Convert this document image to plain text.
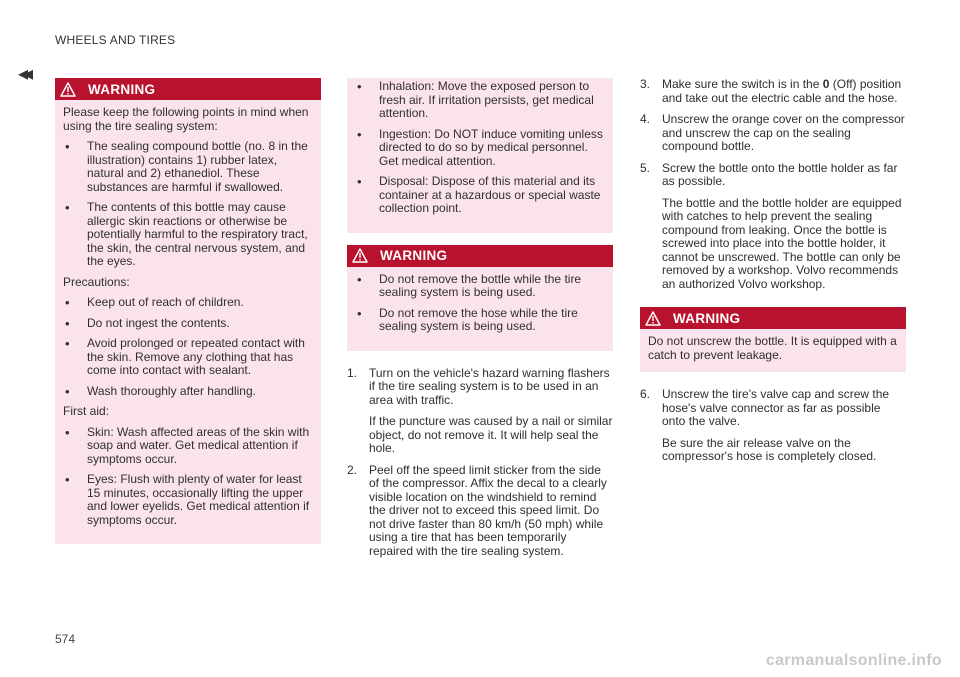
WHEELS AND TIRES
◂◂
WARNING

Please keep the following points in mind when using the tire sealing system:

• The sealing compound bottle (no. 8 in the illustration) contains 1) rubber latex, natural and 2) ethanediol. These substances are harmful if swallowed.
• The contents of this bottle may cause allergic skin reactions or otherwise be potentially harmful to the respiratory tract, the skin, the central nervous system, and the eyes.

Precautions:

• Keep out of reach of children.
• Do not ingest the contents.
• Avoid prolonged or repeated contact with the skin. Remove any clothing that has come into contact with sealant.
• Wash thoroughly after handling.

First aid:

• Skin: Wash affected areas of the skin with soap and water. Get medical attention if symptoms occur.
• Eyes: Flush with plenty of water for least 15 minutes, occasionally lifting the upper and lower eyelids. Get medical attention if symptoms occur.
• Inhalation: Move the exposed person to fresh air. If irritation persists, get medical attention.
• Ingestion: Do NOT induce vomiting unless directed to do so by medical personnel. Get medical attention.
• Disposal: Dispose of this material and its container at a hazardous or special waste collection point.
WARNING
• Do not remove the bottle while the tire sealing system is being used.
• Do not remove the hose while the tire sealing system is being used.
1. Turn on the vehicle's hazard warning flashers if the tire sealing system is to be used in an area with traffic.
If the puncture was caused by a nail or similar object, do not remove it. It will help seal the hole.
2. Peel off the speed limit sticker from the side of the compressor. Affix the decal to a clearly visible location on the windshield to remind the driver not to exceed this speed limit. Do not drive faster than 80 km/h (50 mph) while using a tire that has been temporarily repaired with the tire sealing system.
3. Make sure the switch is in the 0 (Off) position and take out the electric cable and the hose.
4. Unscrew the orange cover on the compressor and unscrew the cap on the sealing compound bottle.
5. Screw the bottle onto the bottle holder as far as possible.
The bottle and the bottle holder are equipped with catches to help prevent the sealing compound from leaking. Once the bottle is screwed into place into the bottle holder, it cannot be unscrewed. The bottle can only be removed by a workshop. Volvo recommends an authorized Volvo workshop.
WARNING

Do not unscrew the bottle. It is equipped with a catch to prevent leakage.

6. Unscrew the tire's valve cap and screw the hose's valve connector as far as possible onto the valve.
Be sure the air release valve on the compressor's hose is completely closed.
574
carmanualsonline.info
